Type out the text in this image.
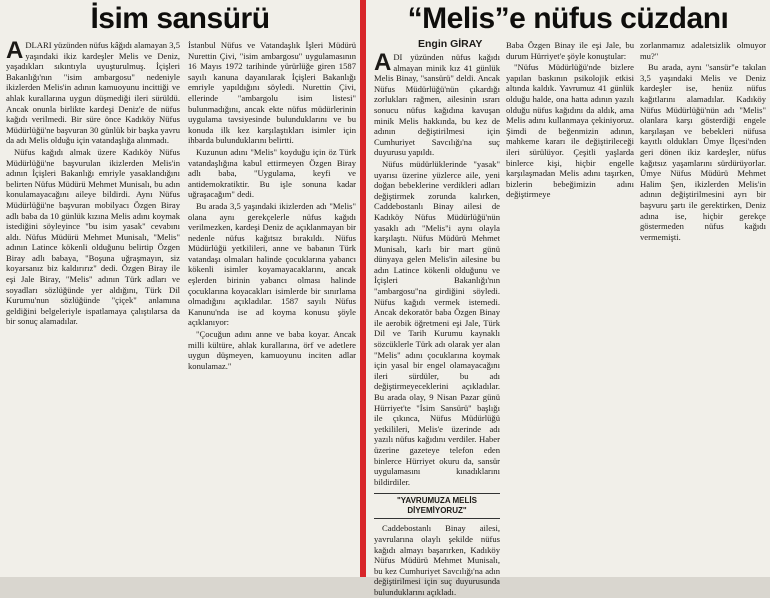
İsim sansürü

ADLARI yüzünden nüfus kâğıdı alamayan 3,5 yaşındaki ikiz kardeşler Melis ve Deniz, yaşadıkları sıkıntıyla uyuşturulmuş. İçişleri Bakanlığı'nın "isim ambargosu" nedeniyle ikizlerden Melis'in adının kamuoyunu incittiği ve ahlak kurallarına uygun düşmediği ileri sürüldü. Ancak onunla birlikte kardeşi Deniz'e de nüfus kağıdı verilmedi. Bir süre önce Kadıköy Nüfus Müdürlüğü'ne başvuran 30 günlük bir başka yavru da adı Melis olduğu için vatandaşlığa alınmadı.

Nüfus kağıdı almak üzere Kadıköy Nüfus Müdürlüğü'ne başvurulan ikizlerden Melis'in adının İçişleri Bakanlığı emriyle yasaklandığını belirten Nüfus Müdürü Mehmet Munisalı, bu adın konulamayacağını aileye bildirdi. Aynı Nüfus Müdürlüğü'ne başvuran mobilyacı Özgen Biray adlı baba da 10 günlük kızına Melis adını koymak istediğini söyleyince "bu isim yasak" cevabını aldı. Nüfus Müdürü Mehmet Munisalı, "Melis" adının Latince kökenli olduğunu belirtip Özgen Biray adlı babaya, "Boşuna uğraşmayın, siz koyarsanız biz kaldırırız" dedi. Özgen Biray ile eşi Jale Biray, "Melis" adının Türk adları ve soyadları sözlüğünde yer aldığını, Türk Dil Kurumu'nun sözlüğünde "çiçek" anlamına geldiğini belgeleriyle ispatlamaya çalıştılarsa da bir sonuç alamadılar.

İstanbul Nüfus ve Vatandaşlık İşleri Müdürü Nurettin Çivi, "isim ambargosu" uygulamasının 16 Mayıs 1972 tarihinde yürürlüğe giren 1587 sayılı kanuna dayanılarak İçişleri Bakanlığı emriyle yapıldığını söyledi. Nurettin Çivi, ellerinde "ambargolu isim listesi" bulunmadığını, ancak ekte nüfus müdürlerinin uygulama tavsiyesinde bulunduklarını ve bu konuda ilk kez karşılaştıkları isimler için ihbarda bulunduklarını belirtti.

Kuzunun adını "Melis" koyduğu için öz Türk vatandaşlığına kabul ettirmeyen Özgen Biray adlı baba, "Uygulama, keyfi ve antidemokratiktir. Bu işle sonuna kadar uğraşacağım" dedi.

Bu arada 3,5 yaşındaki ikizlerden adı "Melis" olana aynı gerekçelerle nüfus kağıdı verilmezken, kardeşi Deniz de açıklanmayan bir nedenle nüfus kağıtsız bırakıldı. Nüfus Müdürlüğü yetkilileri, anne ve babanın Türk vatandaşı olmaları halinde çocuklarına yabancı kökenli isimler koyamayacaklarını, ancak eşlerden birinin yabancı olması halinde çocuklarına koyacakları isimlerde bir sınırlama olmadığını açıkladılar. 1587 sayılı Nüfus Kanunu'nda ise ad koyma konusu şöyle açıklanıyor:

"Çocuğun adını anne ve baba koyar. Ancak milli kültüre, ahlak kurallarına, örf ve adetlere uygun düşmeyen, kamuoyunu inciten adlar konulamaz."

“Melis”e nüfus cüzdanı
Engin GİRAY

ADI yüzünden nüfus kağıdı almayan minik kız 41 günlük Melis Binay, "sansürü" deldi. Ancak Nüfus Müdürlüğü'nün çıkardığı zorlukları rağmen, ailesinin ısrarı sonucu nüfus kağıdına kavuşan minik Melis hakkında, bu kez de adının değiştirilmesi için Cumhuriyet Savcılığı'na suç duyurusu yapıldı.

Nüfus müdürlüklerinde "yasak" uyarısı üzerine yüzlerce aile, yeni doğan bebeklerine verdikleri adları değiştirmek zorunda kalırken, Caddebostanlı Binay ailesi de Kadıköy Nüfus Müdürlüğü'nün yasaklı adı "Melis"i aynı olayla karşılaştı. Nüfus Müdürü Mehmet Munisalı, karlı bir mart günü dünyaya gelen Melis'in ailesine bu adın Latince kökenli olduğunu ve İçişleri Bakanlığı'nın "ambargosu"na girdiğini söyledi. Nüfus kağıdı vermek istemedi. Ancak dekoratör baba Özgen Binay ile aerobik öğretmeni eşi Jale, Türk Dil ve Tarih Kurumu kaynaklı sözcüklerle Türk adı olarak yer alan "Melis" adını çocuklarına koymak için yasal bir engel olamayacağını ileri sürdüler, bu adı değiştirmeyeceklerini açıkladılar. Bu arada olay, 9 Nisan Pazar günü Hürriyet'te "İsim Sansürü" başlığı ile çıkınca, Nüfus Müdürlüğü yetkilileri, Melis'e üzerinde adı yazılı nüfus kağıdını verdiler. Haber üzerine gazeteye telefon eden binlerce Hürriyet okuru da, sansür uygulamasını kınadıklarını bildirdiler.

"YAVRUMUZA MELİS DİYEMİYORUZ"

Caddebostanlı Binay ailesi, yavrularına olaylı şekilde nüfus kağıdı almayı başarırken, Kadıköy Nüfus Müdürü Mehmet Munisalı, bu kez Cumhuriyet Savcılığı'na adın değiştirilmesi için suç duyurusunda bulunduklarını açıkladı.

Baba Özgen Binay ile eşi Jale, bu durum Hürriyet'e şöyle konuştular:

"Nüfus Müdürlüğü'nde bizlere yapılan baskının psikolojik etkisi altında kaldık. Yavrumuz 41 günlük olduğu halde, ona hatta adının yazılı olduğu nüfus kağıdını da aldık, ama Melis adını kullanmaya çekiniyoruz. Şimdi de beğenmizin adının, mahkeme kararı ile değiştirileceği ileri sürülüyor. Çeşitli yaşlarda binlerce kişi, hiçbir engelle karşılaşmadan Melis adını taşırken, bizlerin bebeğimizin adını değiştirmeye

zorlanmamız adaletsizlik olmuyor mu?"

Bu arada, aynı "sansür"e takılan 3,5 yaşındaki Melis ve Deniz kardeşler ise, henüz nüfus kağıtlarını alamadılar. Kadıköy Nüfus Müdürlüğü'nün adı "Melis" olanlara karşı gösterdiği engele karşılaşan ve bebekleri nüfusa kayıtlı oldukları Ümye İlçesi'nden geri dönen ikiz kardeşler, nüfus kağıtsız yaşamlarını sürdürüyorlar. Ümye Nüfus Müdürü Mehmet Halim Şen, ikizlerden Melis'in adının değiştirilmesini ayrı bir başvuru şartı ile gerektirken, Deniz adına ise, hiçbir gerekçe göstermeden nüfus kağıdı vermemişti.
